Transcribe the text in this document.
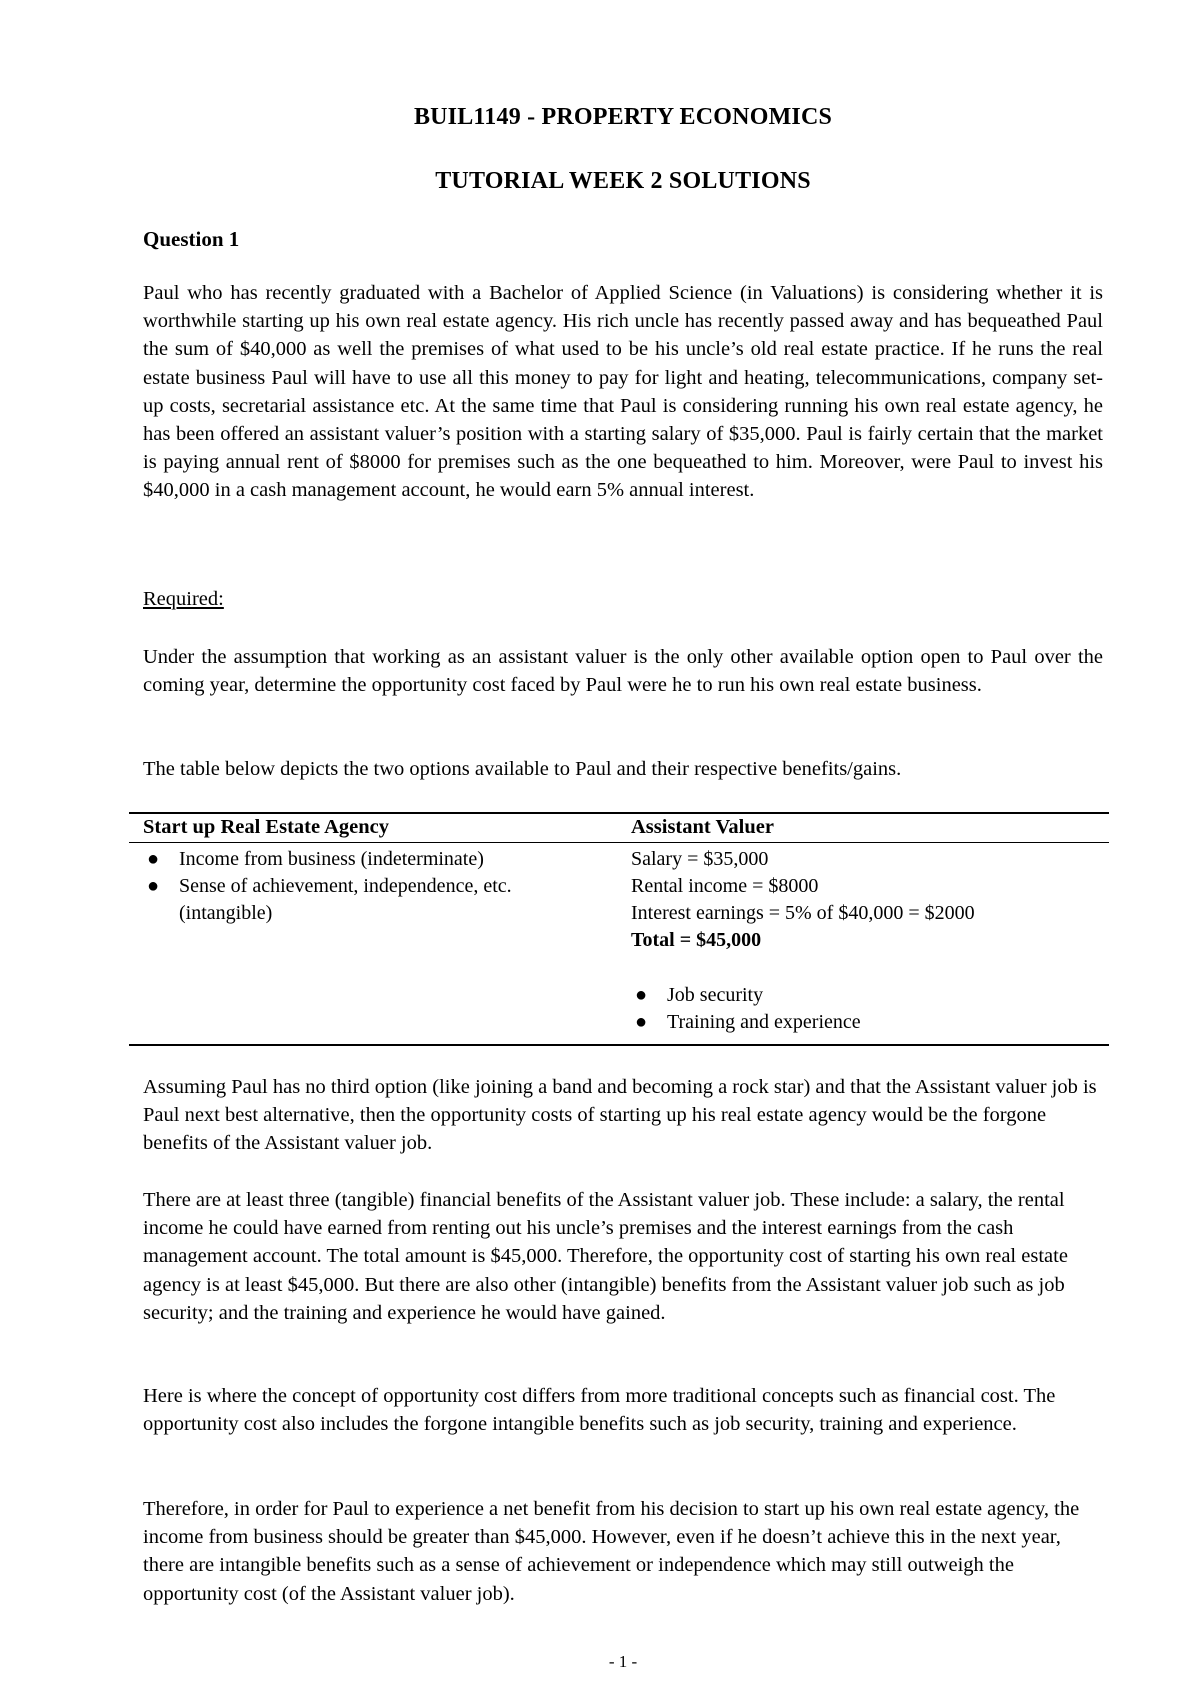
BUIL1149 - PROPERTY ECONOMICS
TUTORIAL WEEK 2 SOLUTIONS
Question 1

Paul who has recently graduated with a Bachelor of Applied Science (in Valuations) is considering whether it is worthwhile starting up his own real estate agency. His rich uncle has recently passed away and has bequeathed Paul the sum of $40,000 as well the premises of what used to be his uncle’s old real estate practice. If he runs the real estate business Paul will have to use all this money to pay for light and heating, telecommunications, company set-up costs, secretarial assistance etc. At the same time that Paul is considering running his own real estate agency, he has been offered an assistant valuer’s position with a starting salary of $35,000. Paul is fairly certain that the market is paying annual rent of $8000 for premises such as the one bequeathed to him. Moreover, were Paul to invest his $40,000 in a cash management account, he would earn 5% annual interest.

Required:

Under the assumption that working as an assistant valuer is the only other available option open to Paul over the coming year, determine the opportunity cost faced by Paul were he to run his own real estate business.

The table below depicts the two options available to Paul and their respective benefits/gains.

Start up Real Estate Agency	Assistant Valuer
● Income from business (indeterminate)
● Sense of achievement, independence, etc. (intangible)
Salary = $35,000
Rental income = $8000
Interest earnings = 5% of $40,000 = $2000
Total = $45,000
● Job security
● Training and experience

Assuming Paul has no third option (like joining a band and becoming a rock star) and that the Assistant valuer job is Paul next best alternative, then the opportunity costs of starting up his real estate agency would be the forgone benefits of the Assistant valuer job.

There are at least three (tangible) financial benefits of the Assistant valuer job. These include: a salary, the rental income he could have earned from renting out his uncle’s premises and the interest earnings from the cash management account. The total amount is $45,000. Therefore, the opportunity cost of starting his own real estate agency is at least $45,000. But there are also other (intangible) benefits from the Assistant valuer job such as job security; and the training and experience he would have gained.

Here is where the concept of opportunity cost differs from more traditional concepts such as financial cost. The opportunity cost also includes the forgone intangible benefits such as job security, training and experience.

Therefore, in order for Paul to experience a net benefit from his decision to start up his own real estate agency, the income from business should be greater than $45,000. However, even if he doesn’t achieve this in the next year, there are intangible benefits such as a sense of achievement or independence which may still outweigh the opportunity cost (of the Assistant valuer job).

- 1 -
